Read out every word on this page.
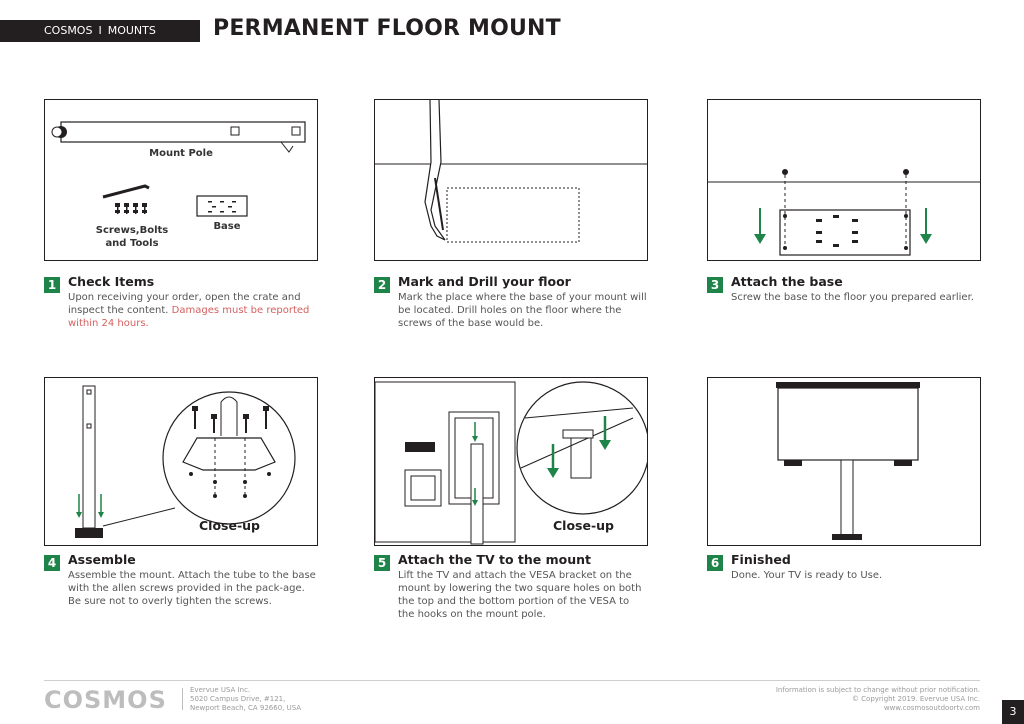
COSMOS I MOUNTS	PERMANENT FLOOR MOUNT
Mount Pole
Screws,Bolts
and Tools
Base
Close-up	Close-up
1 Check Items
Upon receiving your order, open the crate and inspect the content. Damages must be reported within 24 hours.
2 Mark and Drill your floor
Mark the place where the base of your mount will be located. Drill holes on the floor where the screws of the base would be.
3 Attach the base
Screw the base to the floor you prepared earlier.
4 Assemble
Assemble the mount. Attach the tube to the base with the allen screws provided in the pack-age. Be sure not to overly tighten the screws.
5 Attach the TV to the mount
Lift the TV and attach the VESA bracket on the mount by lowering the two square holes on both the top and the bottom portion of the VESA to the hooks on the mount pole.
6 Finished
Done. Your TV is ready to Use.
COSMOS	Evervue USA Inc.
5020 Campus Drive, #121,
Newport Beach, CA 92660, USA
Information is subject to change without prior notification.
© Copyright 2019. Evervue USA Inc.
www.cosmosoutdoortv.com	3
